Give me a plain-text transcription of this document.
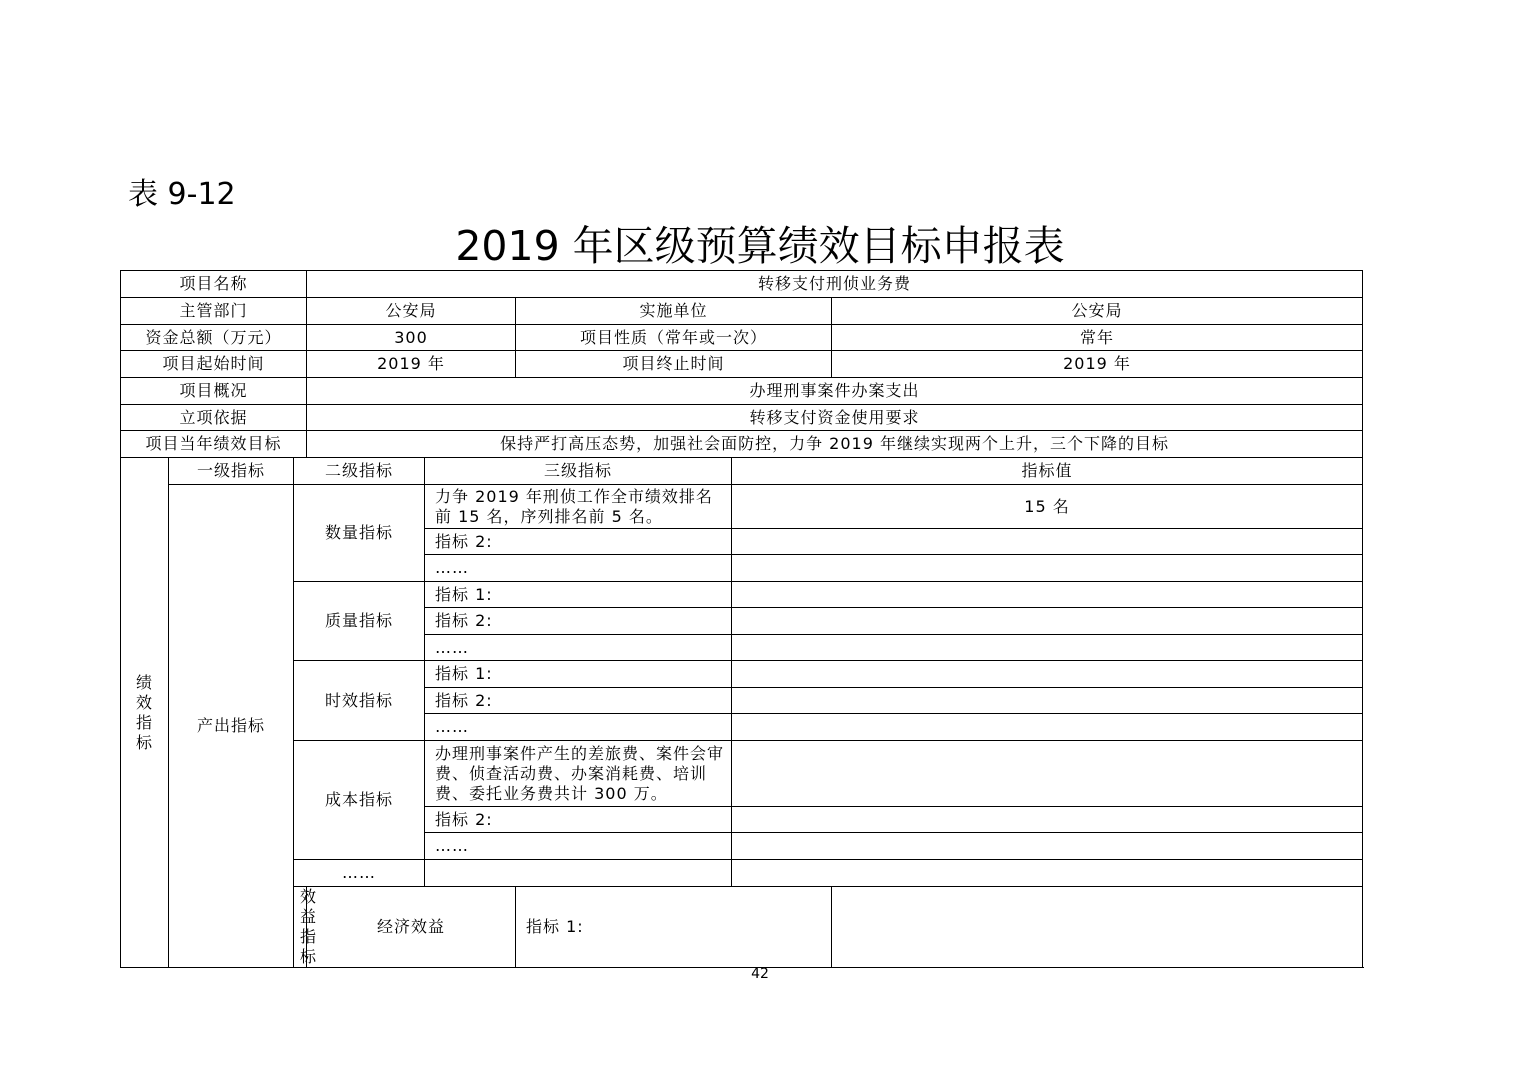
表 9-12
2019 年区级预算绩效目标申报表
项目名称			转移支付刑侦业务费				
主管部门			公安局		实施单位		公安局
资金总额（万元）			300		项目性质（常年或一次）		常年
项目起始时间			2019 年		项目终止时间		2019 年
项目概况			办理刑事案件办案支出				
立项依据			转移支付资金使用要求				
项目当年绩效目标			保持严打高压态势，加强社会面防控，力争 2019 年继续实现两个上升，三个下降的目标				
绩效指标	一级指标	二级指标		三级指标		指标值	
	产出指标	数量指标		力争 2019 年刑侦工作全市绩效排名前 15 名，序列排名前 5 名。		15 名	
				指标 2:			
				……			
		质量指标		指标 1:			
				指标 2:			
				……			
		时效指标		指标 1:			
				指标 2:			
				……			
		成本指标		办理刑事案件产生的差旅费、案件会审费、侦查活动费、办案消耗费、培训费、委托业务费共计 300 万。			
				指标 2:			
				……			
		……					
		效益指标	经济效益		指标 1:		
42
